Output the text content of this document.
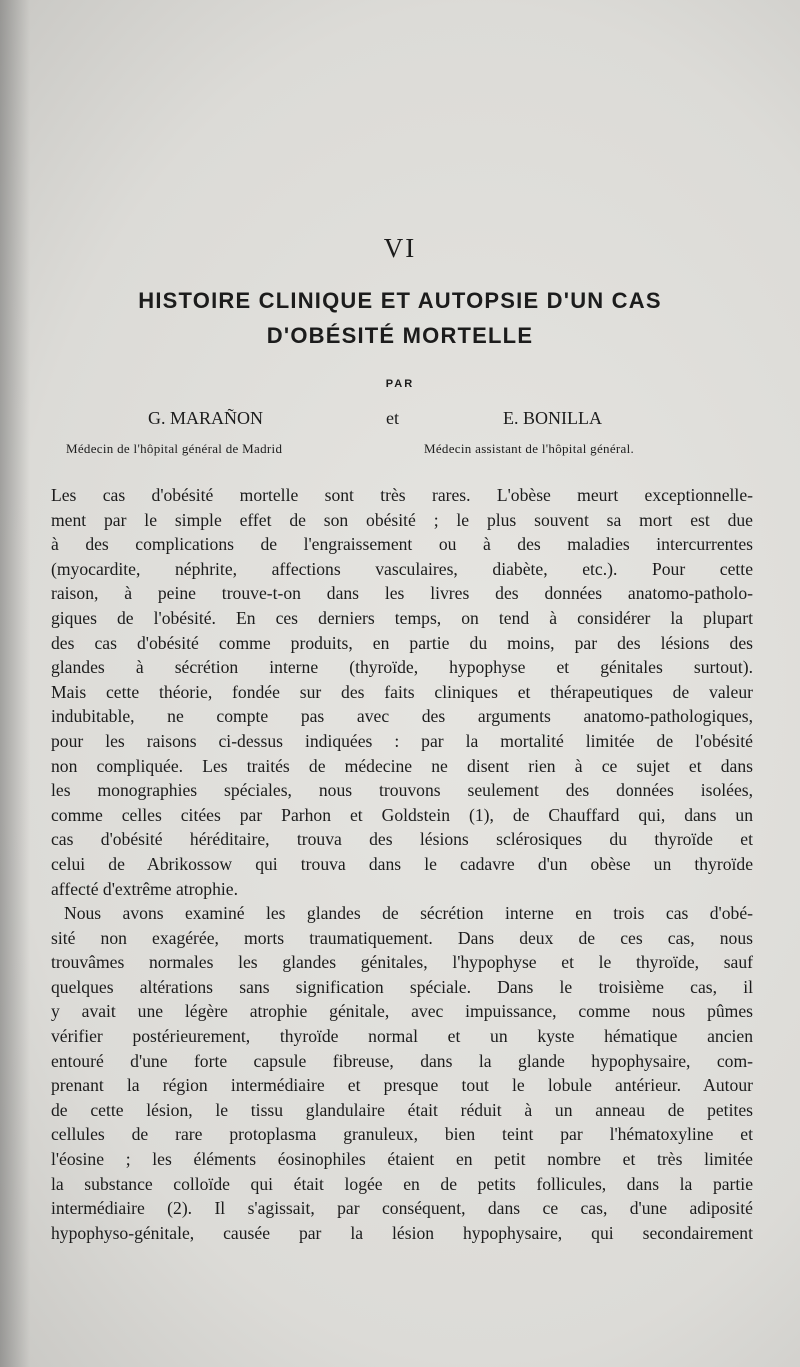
VI
HISTOIRE CLINIQUE ET AUTOPSIE D'UN CAS
D'OBÉSITÉ MORTELLE
PAR
G. MARAÑON	et	E. BONILLA
Médecin de l'hôpital général de Madrid	Médecin assistant de l'hôpital général.
Les cas d'obésité mortelle sont très rares. L'obèse meurt exceptionnelle-
ment par le simple effet de son obésité ; le plus souvent sa mort est due
à des complications de l'engraissement ou à des maladies intercurrentes
(myocardite, néphrite, affections vasculaires, diabète, etc.). Pour cette
raison, à peine trouve-t-on dans les livres des données anatomo-patholo-
giques de l'obésité. En ces derniers temps, on tend à considérer la plupart
des cas d'obésité comme produits, en partie du moins, par des lésions des
glandes à sécrétion interne (thyroïde, hypophyse et génitales surtout).
Mais cette théorie, fondée sur des faits cliniques et thérapeutiques de valeur
indubitable, ne compte pas avec des arguments anatomo-pathologiques,
pour les raisons ci-dessus indiquées : par la mortalité limitée de l'obésité
non compliquée. Les traités de médecine ne disent rien à ce sujet et dans
les monographies spéciales, nous trouvons seulement des données isolées,
comme celles citées par Parhon et Goldstein (1), de Chauffard qui, dans un
cas d'obésité héréditaire, trouva des lésions sclérosiques du thyroïde et
celui de Abrikossow qui trouva dans le cadavre d'un obèse un thyroïde
affecté d'extrême atrophie.
Nous avons examiné les glandes de sécrétion interne en trois cas d'obé-
sité non exagérée, morts traumatiquement. Dans deux de ces cas, nous
trouvâmes normales les glandes génitales, l'hypophyse et le thyroïde, sauf
quelques altérations sans signification spéciale. Dans le troisième cas, il
y avait une légère atrophie génitale, avec impuissance, comme nous pûmes
vérifier postérieurement, thyroïde normal et un kyste hématique ancien
entouré d'une forte capsule fibreuse, dans la glande hypophysaire, com-
prenant la région intermédiaire et presque tout le lobule antérieur. Autour
de cette lésion, le tissu glandulaire était réduit à un anneau de petites
cellules de rare protoplasma granuleux, bien teint par l'hématoxyline et
l'éosine ; les éléments éosinophiles étaient en petit nombre et très limitée
la substance colloïde qui était logée en de petits follicules, dans la partie
intermédiaire (2). Il s'agissait, par conséquent, dans ce cas, d'une adiposité
hypophyso-génitale, causée par la lésion hypophysaire, qui secondairement
